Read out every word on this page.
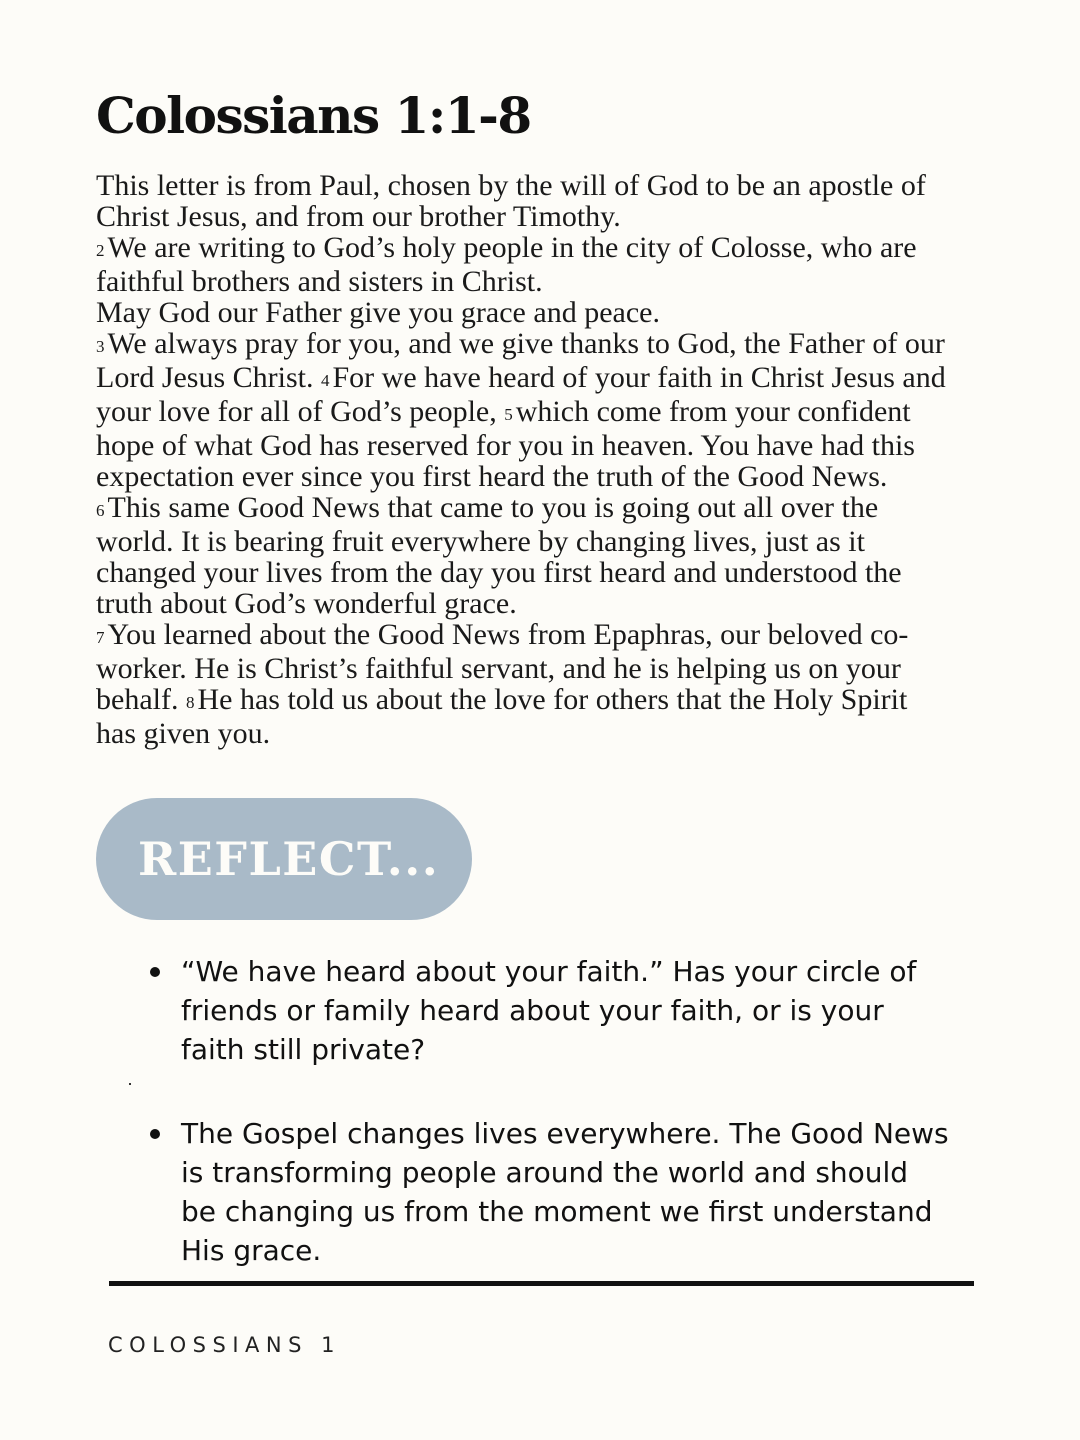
Colossians 1:1-8

This letter is from Paul, chosen by the will of God to be an apostle of
Christ Jesus, and from our brother Timothy.
2 We are writing to God’s holy people in the city of Colosse, who are
faithful brothers and sisters in Christ.
May God our Father give you grace and peace.
3 We always pray for you, and we give thanks to God, the Father of our
Lord Jesus Christ. 4 For we have heard of your faith in Christ Jesus and
your love for all of God’s people, 5 which come from your confident
hope of what God has reserved for you in heaven. You have had this
expectation ever since you first heard the truth of the Good News.
6 This same Good News that came to you is going out all over the
world. It is bearing fruit everywhere by changing lives, just as it
changed your lives from the day you first heard and understood the
truth about God’s wonderful grace.
7 You learned about the Good News from Epaphras, our beloved co-
worker. He is Christ’s faithful servant, and he is helping us on your
behalf. 8 He has told us about the love for others that the Holy Spirit
has given you.

REFLECT...
“We have heard about your faith.” Has your circle of
friends or family heard about your faith, or is your
faith still private?
The Gospel changes lives everywhere. The Good News
is transforming people around the world and should
be changing us from the moment we first understand
His grace.
COLOSSIANS 1
